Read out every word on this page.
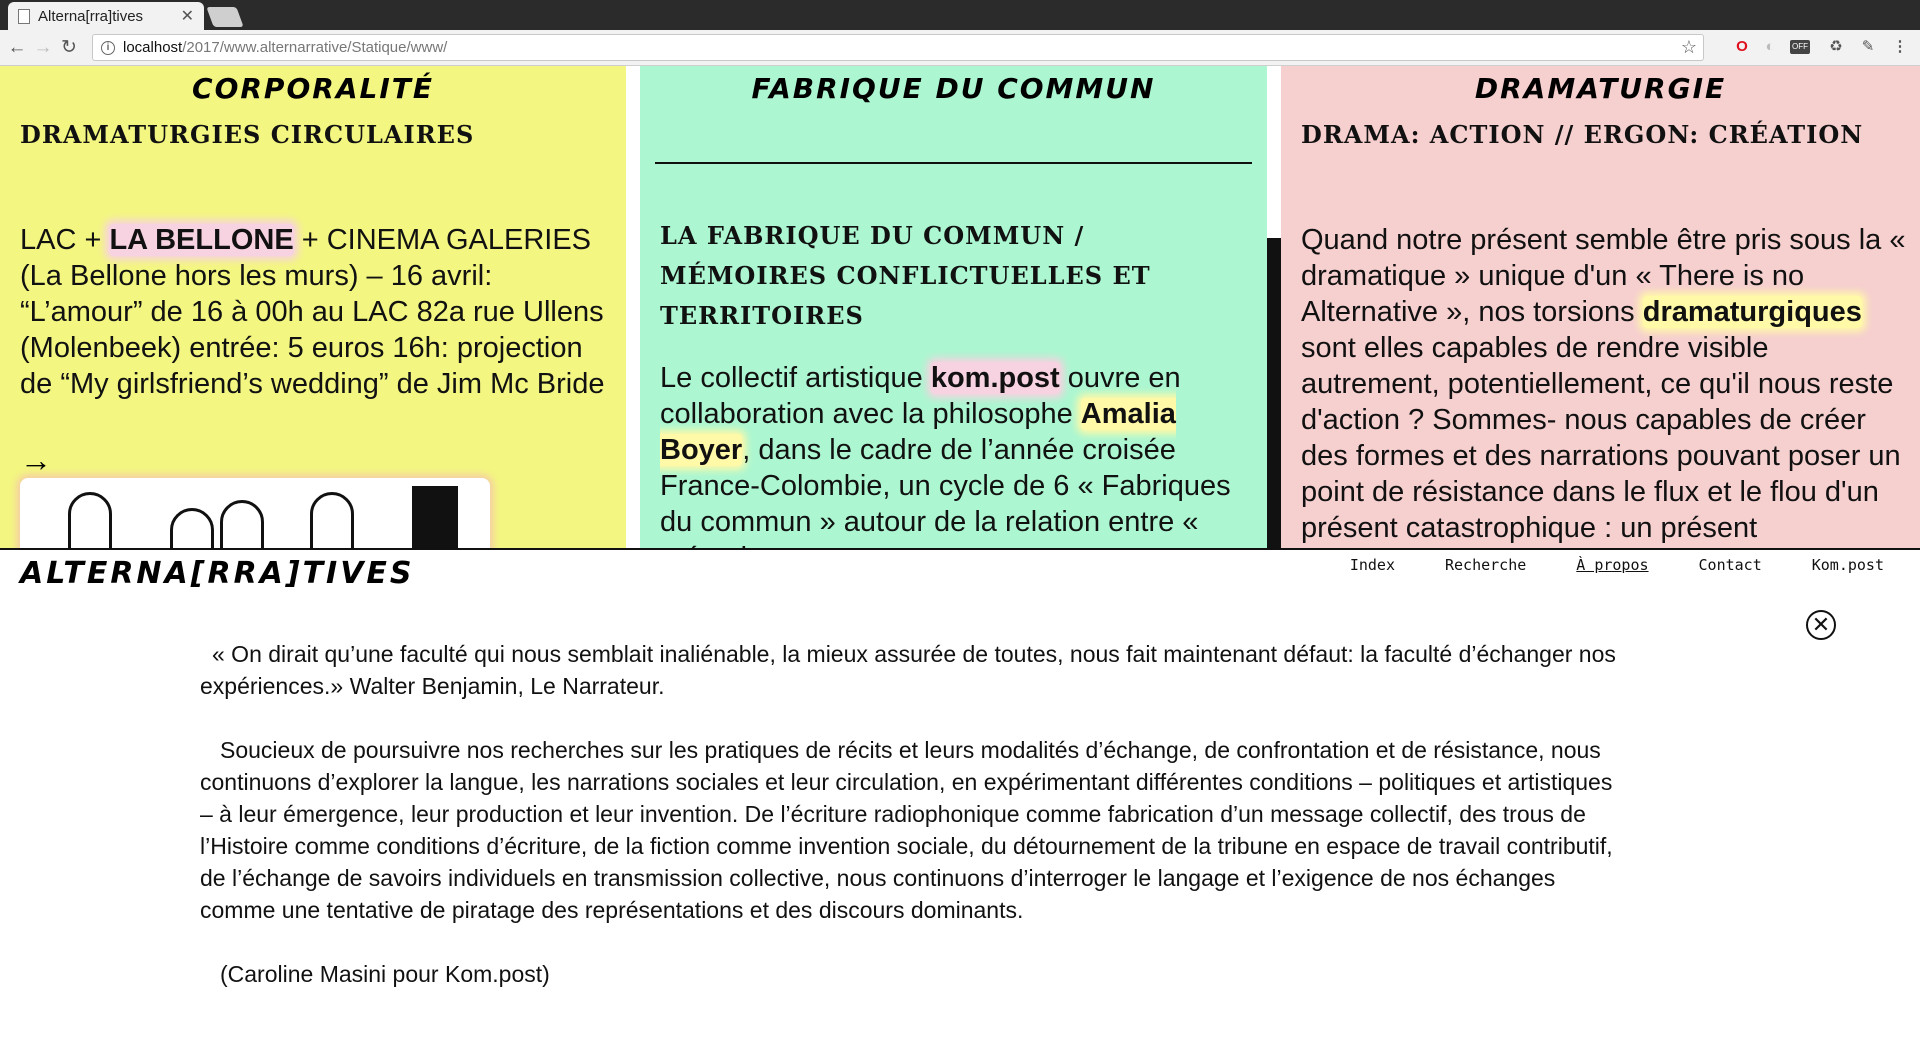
Alterna[rra]tives	✕
← → ↻	i localhost /2017/www.alternarrative/Statique/www/	☆	O	◐	OFF ♻ ✎ ⋮
CORPORALITÉ
DRAMATURGIES CIRCULAIRES
LAC + LA BELLONE + CINEMA GALERIES (La Bellone hors les murs) – 16 avril: “L’amour” de 16 à 00h au LAC 82a rue Ullens (Molenbeek) entrée: 5 euros 16h: projection de “My girlsfriend’s wedding” de Jim Mc Bride
→
FABRIQUE DU COMMUN
LA FABRIQUE DU COMMUN / MÉMOIRES CONFLICTUELLES ET TERRITOIRES
Le collectif artistique kom.post ouvre en collaboration avec la philosophe Amalia Boyer, dans le cadre de l’année croisée France-Colombie, un cycle de 6 « Fabriques du commun » autour de la relation entre «
DRAMATURGIE
DRAMA: ACTION // ERGON: CRÉATION
Quand notre présent semble être pris sous la « dramatique » unique d'un « There is no Alternative », nos torsions dramaturgiques sont elles capables de rendre visible autrement, potentiellement, ce qu'il nous reste d'action ? Sommes- nous capables de créer des formes et des narrations pouvant poser un point de résistance dans le flux et le flou d'un présent catastrophique : un présent
ALTERNA[RRA]TIVES	Index	Recherche	À propos	Contact	Kom.post
✕

« On dirait qu’une faculté qui nous semblait inaliénable, la mieux assurée de toutes, nous fait maintenant défaut: la faculté d’échanger nos expériences.» Walter Benjamin, Le Narrateur.

Soucieux de poursuivre nos recherches sur les pratiques de récits et leurs modalités d’échange, de confrontation et de résistance, nous continuons d’explorer la langue, les narrations sociales et leur circulation, en expérimentant différentes conditions – politiques et artistiques – à leur émergence, leur production et leur invention. De l’écriture radiophonique comme fabrication d’un message collectif, des trous de l’Histoire comme conditions d’écriture, de la fiction comme invention sociale, du détournement de la tribune en espace de travail contributif, de l’échange de savoirs individuels en transmission collective, nous continuons d’interroger le langage et l’exigence de nos échanges comme une tentative de piratage des représentations et des discours dominants.

(Caroline Masini pour Kom.post)
